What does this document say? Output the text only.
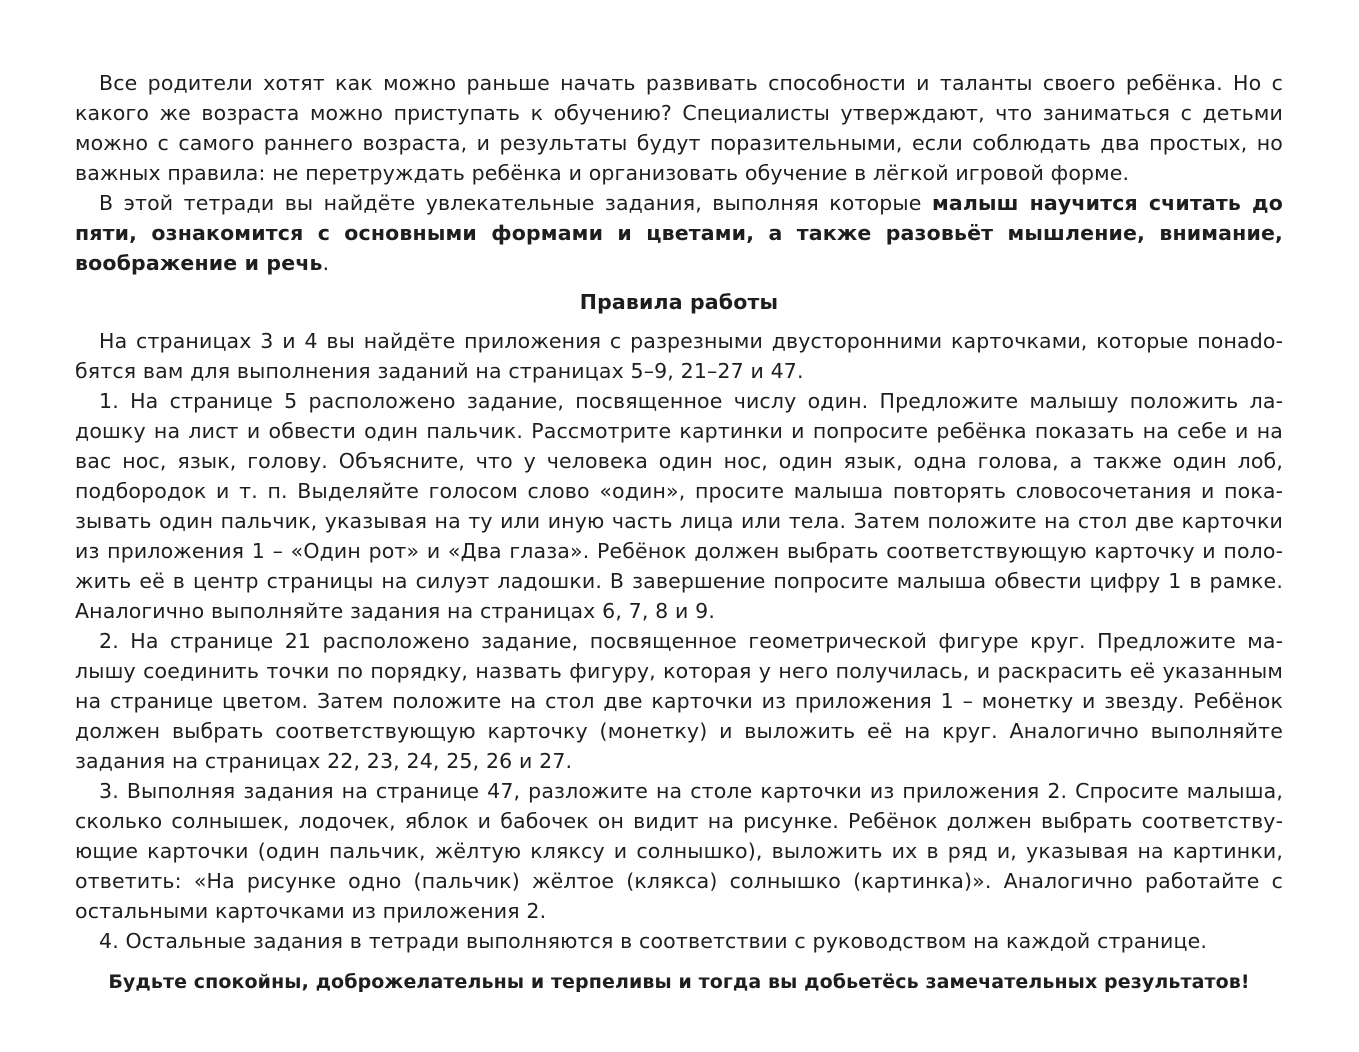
Все родители хотят как можно раньше начать развивать способности и таланты своего ребёнка. Но с какого же возраста можно приступать к обучению? Специалисты утверждают, что заниматься с детьми можно с самого раннего возраста, и результаты будут поразительными, если соблюдать два простых, но важных правила: не перетруждать ребёнка и организовать обучение в лёгкой игровой форме.

В этой тетради вы найдёте увлекательные задания, выполняя которые малыш научится считать до пяти, ознакомится с основными формами и цветами, а также разовьёт мышление, внимание, воображение и речь.

Правила работы

На страницах 3 и 4 вы найдёте приложения с разрезными двусторонними карточками, которые понаdобятся вам для выполнения заданий на страницах 5–9, 21–27 и 47.

1. На странице 5 расположено задание, посвященное числу один. Предложите малышу положить ладошку на лист и обвести один пальчик. Рассмотрите картинки и попросите ребёнка показать на себе и на вас нос, язык, голову. Объясните, что у человека один нос, один язык, одна голова, а также один лоб, подбородок и т. п. Выделяйте голосом слово «один», просите малыша повторять словосочетания и показывать один пальчик, указывая на ту или иную часть лица или тела. Затем положите на стол две карточки из приложения 1 – «Один рот» и «Два глаза». Ребёнок должен выбрать соответствующую карточку и положить её в центр страницы на силуэт ладошки. В завершение попросите малыша обвести цифру 1 в рамке. Аналогично выполняйте задания на страницах 6, 7, 8 и 9.

2. На странице 21 расположено задание, посвященное геометрической фигуре круг. Предложите малышу соединить точки по порядку, назвать фигуру, которая у него получилась, и раскрасить её указанным на странице цветом. Затем положите на стол две карточки из приложения 1 – монетку и звезду. Ребёнок должен выбрать соответствующую карточку (монетку) и выложить её на круг. Аналогично выполняйте задания на страницах 22, 23, 24, 25, 26 и 27.

3. Выполняя задания на странице 47, разложите на столе карточки из приложения 2. Спросите малыша, сколько солнышек, лодочек, яблок и бабочек он видит на рисунке. Ребёнок должен выбрать соответствующие карточки (один пальчик, жёлтую кляксу и солнышко), выложить их в ряд и, указывая на картинки, ответить: «На рисунке одно (пальчик) жёлтое (клякса) солнышко (картинка)». Аналогично работайте с остальными карточками из приложения 2.

4. Остальные задания в тетради выполняются в соответствии с руководством на каждой странице.

Будьте спокойны, доброжелательны и терпеливы и тогда вы добьетёсь замечательных результатов!
